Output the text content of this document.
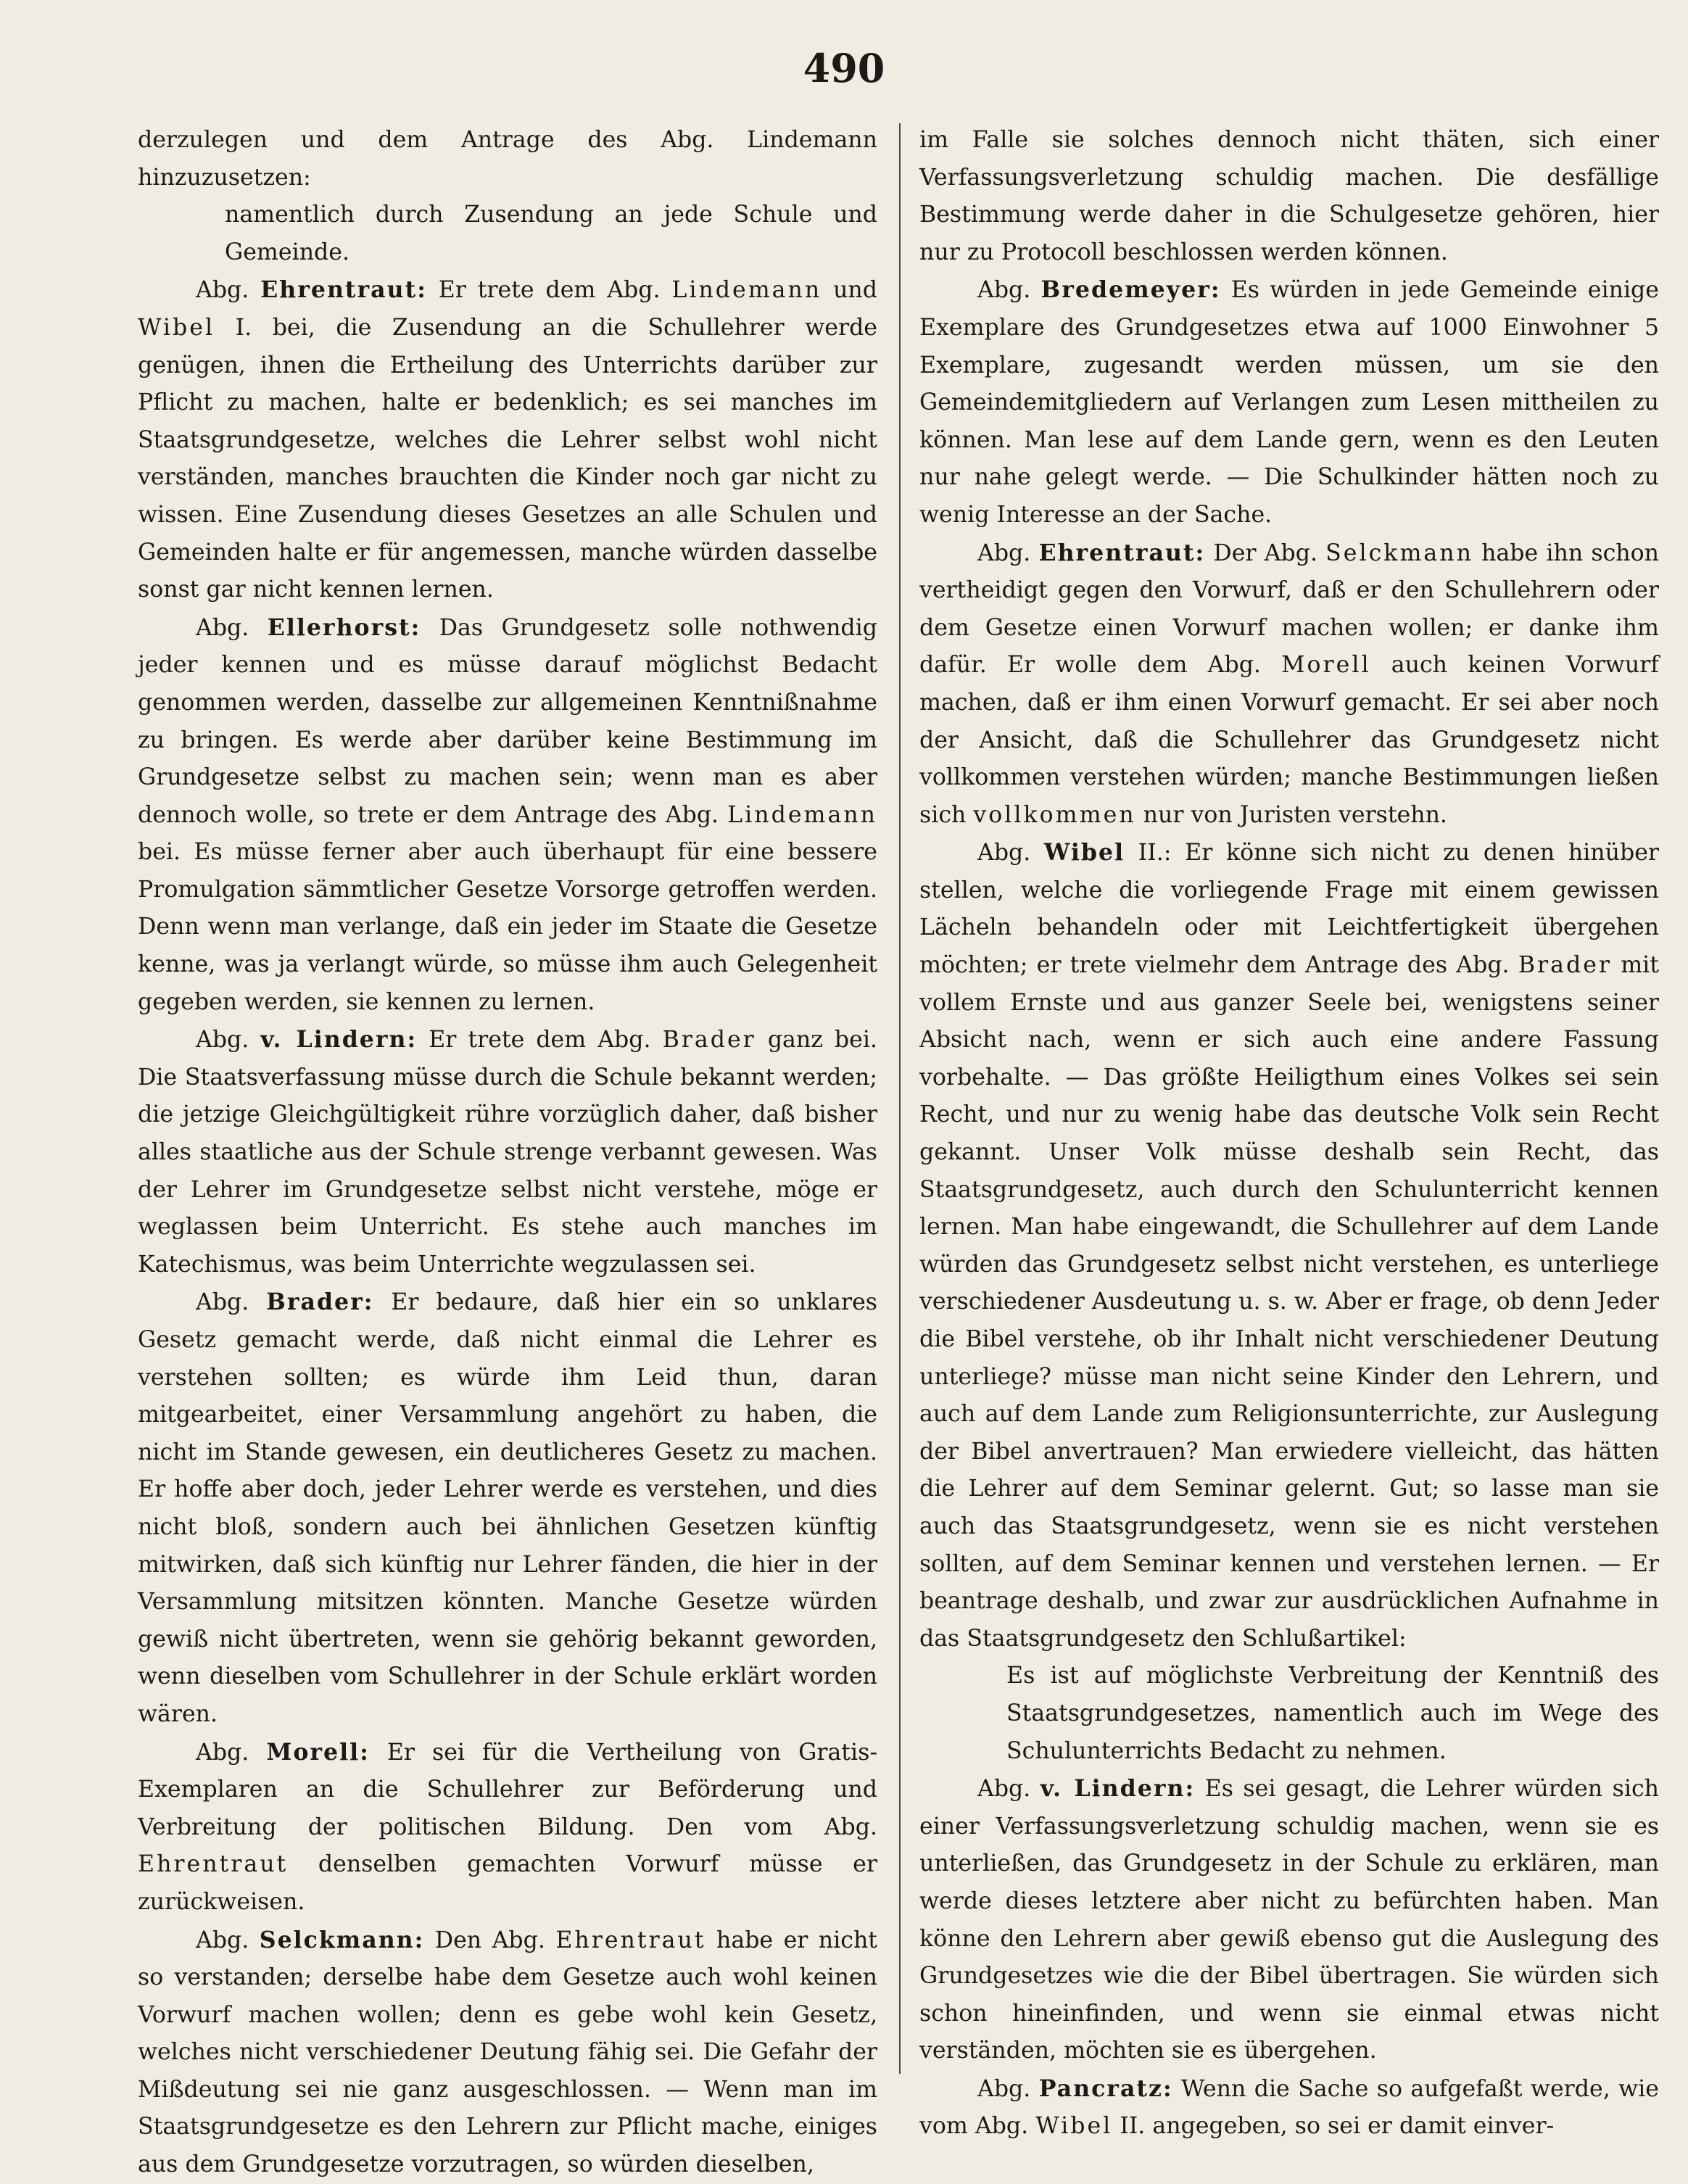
490

derzulegen und dem Antrage des Abg. Lindemann hinzuzusetzen:

namentlich durch Zusendung an jede Schule und Gemeinde.

Abg. Ehrentraut: Er trete dem Abg. Lindemann und Wibel I. bei, die Zusendung an die Schullehrer werde genügen, ihnen die Ertheilung des Unterrichts darüber zur Pflicht zu machen, halte er bedenklich; es sei manches im Staatsgrundgesetze, welches die Lehrer selbst wohl nicht verständen, manches brauchten die Kinder noch gar nicht zu wissen. Eine Zusendung dieses Gesetzes an alle Schulen und Gemeinden halte er für angemessen, manche würden dasselbe sonst gar nicht kennen lernen.

Abg. Ellerhorst: Das Grundgesetz solle nothwendig jeder kennen und es müsse darauf möglichst Bedacht genommen werden, dasselbe zur allgemeinen Kenntnißnahme zu bringen. Es werde aber darüber keine Bestimmung im Grundgesetze selbst zu machen sein; wenn man es aber dennoch wolle, so trete er dem Antrage des Abg. Lindemann bei. Es müsse ferner aber auch überhaupt für eine bessere Promulgation sämmtlicher Gesetze Vorsorge getroffen werden. Denn wenn man verlange, daß ein jeder im Staate die Gesetze kenne, was ja verlangt würde, so müsse ihm auch Gelegenheit gegeben werden, sie kennen zu lernen.

Abg. v. Lindern: Er trete dem Abg. Brader ganz bei. Die Staatsverfassung müsse durch die Schule bekannt werden; die jetzige Gleichgültigkeit rühre vorzüglich daher, daß bisher alles staatliche aus der Schule strenge verbannt gewesen. Was der Lehrer im Grundgesetze selbst nicht verstehe, möge er weglassen beim Unterricht. Es stehe auch manches im Katechismus, was beim Unterrichte wegzulassen sei.

Abg. Brader: Er bedaure, daß hier ein so unklares Gesetz gemacht werde, daß nicht einmal die Lehrer es verstehen sollten; es würde ihm Leid thun, daran mitgearbeitet, einer Versammlung angehört zu haben, die nicht im Stande gewesen, ein deutlicheres Gesetz zu machen. Er hoffe aber doch, jeder Lehrer werde es verstehen, und dies nicht bloß, sondern auch bei ähnlichen Gesetzen künftig mitwirken, daß sich künftig nur Lehrer fänden, die hier in der Versammlung mitsitzen könnten. Manche Gesetze würden gewiß nicht übertreten, wenn sie gehörig bekannt geworden, wenn dieselben vom Schullehrer in der Schule erklärt worden wären.

Abg. Morell: Er sei für die Vertheilung von Gratis-Exemplaren an die Schullehrer zur Beförderung und Verbreitung der politischen Bildung. Den vom Abg. Ehrentraut denselben gemachten Vorwurf müsse er zurückweisen.

Abg. Selckmann: Den Abg. Ehrentraut habe er nicht so verstanden; derselbe habe dem Gesetze auch wohl keinen Vorwurf machen wollen; denn es gebe wohl kein Gesetz, welches nicht verschiedener Deutung fähig sei. Die Gefahr der Mißdeutung sei nie ganz ausgeschlossen. — Wenn man im Staatsgrundgesetze es den Lehrern zur Pflicht mache, einiges aus dem Grundgesetze vorzutragen, so würden dieselben,

im Falle sie solches dennoch nicht thäten, sich einer Verfassungsverletzung schuldig machen. Die desfällige Bestimmung werde daher in die Schulgesetze gehören, hier nur zu Protocoll beschlossen werden können.

Abg. Bredemeyer: Es würden in jede Gemeinde einige Exemplare des Grundgesetzes etwa auf 1000 Einwohner 5 Exemplare, zugesandt werden müssen, um sie den Gemeindemitgliedern auf Verlangen zum Lesen mittheilen zu können. Man lese auf dem Lande gern, wenn es den Leuten nur nahe gelegt werde. — Die Schulkinder hätten noch zu wenig Interesse an der Sache.

Abg. Ehrentraut: Der Abg. Selckmann habe ihn schon vertheidigt gegen den Vorwurf, daß er den Schullehrern oder dem Gesetze einen Vorwurf machen wollen; er danke ihm dafür. Er wolle dem Abg. Morell auch keinen Vorwurf machen, daß er ihm einen Vorwurf gemacht. Er sei aber noch der Ansicht, daß die Schullehrer das Grundgesetz nicht vollkommen verstehen würden; manche Bestimmungen ließen sich vollkommen nur von Juristen verstehn.

Abg. Wibel II.: Er könne sich nicht zu denen hinüber stellen, welche die vorliegende Frage mit einem gewissen Lächeln behandeln oder mit Leichtfertigkeit übergehen möchten; er trete vielmehr dem Antrage des Abg. Brader mit vollem Ernste und aus ganzer Seele bei, wenigstens seiner Absicht nach, wenn er sich auch eine andere Fassung vorbehalte. — Das größte Heiligthum eines Volkes sei sein Recht, und nur zu wenig habe das deutsche Volk sein Recht gekannt. Unser Volk müsse deshalb sein Recht, das Staatsgrundgesetz, auch durch den Schulunterricht kennen lernen. Man habe eingewandt, die Schullehrer auf dem Lande würden das Grundgesetz selbst nicht verstehen, es unterliege verschiedener Ausdeutung u. s. w. Aber er frage, ob denn Jeder die Bibel verstehe, ob ihr Inhalt nicht verschiedener Deutung unterliege? müsse man nicht seine Kinder den Lehrern, und auch auf dem Lande zum Religionsunterrichte, zur Auslegung der Bibel anvertrauen? Man erwiedere vielleicht, das hätten die Lehrer auf dem Seminar gelernt. Gut; so lasse man sie auch das Staatsgrundgesetz, wenn sie es nicht verstehen sollten, auf dem Seminar kennen und verstehen lernen. — Er beantrage deshalb, und zwar zur ausdrücklichen Aufnahme in das Staatsgrundgesetz den Schlußartikel:

Es ist auf möglichste Verbreitung der Kenntniß des Staatsgrundgesetzes, namentlich auch im Wege des Schulunterrichts Bedacht zu nehmen.

Abg. v. Lindern: Es sei gesagt, die Lehrer würden sich einer Verfassungsverletzung schuldig machen, wenn sie es unterließen, das Grundgesetz in der Schule zu erklären, man werde dieses letztere aber nicht zu befürchten haben. Man könne den Lehrern aber gewiß ebenso gut die Auslegung des Grundgesetzes wie die der Bibel übertragen. Sie würden sich schon hineinfinden, und wenn sie einmal etwas nicht verständen, möchten sie es übergehen.

Abg. Pancratz: Wenn die Sache so aufgefaßt werde, wie vom Abg. Wibel II. angegeben, so sei er damit einver-
